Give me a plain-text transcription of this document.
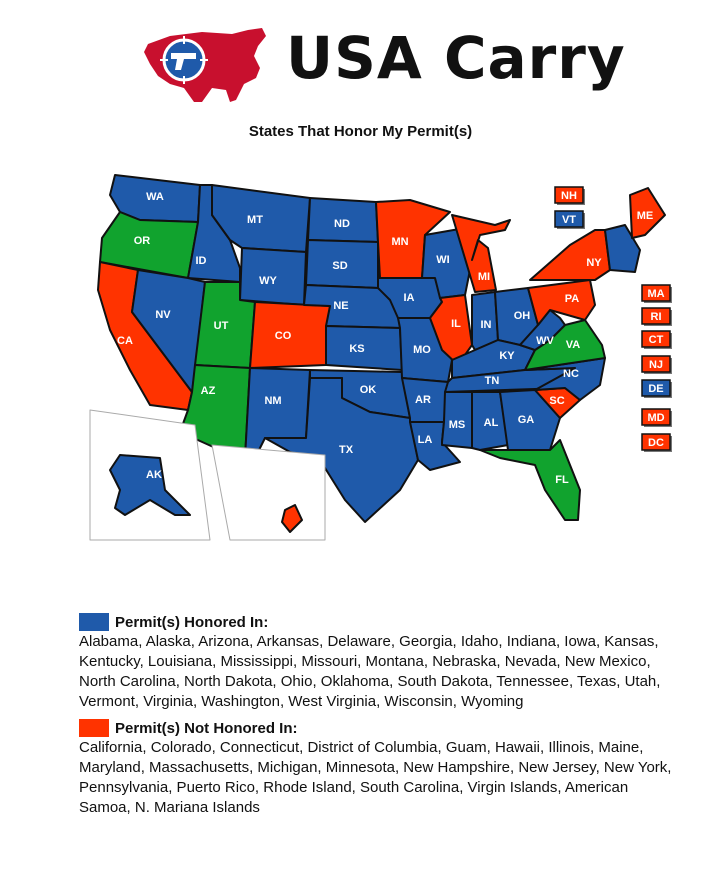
USA Carry
States That Honor My Permit(s)
WA
OR
CA
ID
NV
MT
WY
UT
AZ
CO
NM
ND
SD
NE
KS
OK
TX
MN
IA
MO
AR
LA
WI
IL
MI
IN
OH
KY
TN
MS AL GA
FL
SC
NC
VA
WV
PA
NY
ME
AK
HI
NH
VT
MA
RI
CT
NJ
DE
MD
DC
Permit(s) Honored In:
Alabama, Alaska, Arizona, Arkansas, Delaware, Georgia, Idaho, Indiana, Iowa, Kansas, Kentucky, Louisiana, Mississippi, Missouri, Montana, Nebraska, Nevada, New Mexico, North Carolina, North Dakota, Ohio, Oklahoma, South Dakota, Tennessee, Texas, Utah, Vermont, Virginia, Washington, West Virginia, Wisconsin, Wyoming
Permit(s) Not Honored In:
California, Colorado, Connecticut, District of Columbia, Guam, Hawaii, Illinois, Maine, Maryland, Massachusetts, Michigan, Minnesota, New Hampshire, New Jersey, New York, Pennsylvania, Puerto Rico, Rhode Island, South Carolina, Virgin Islands, American Samoa, N. Mariana Islands
